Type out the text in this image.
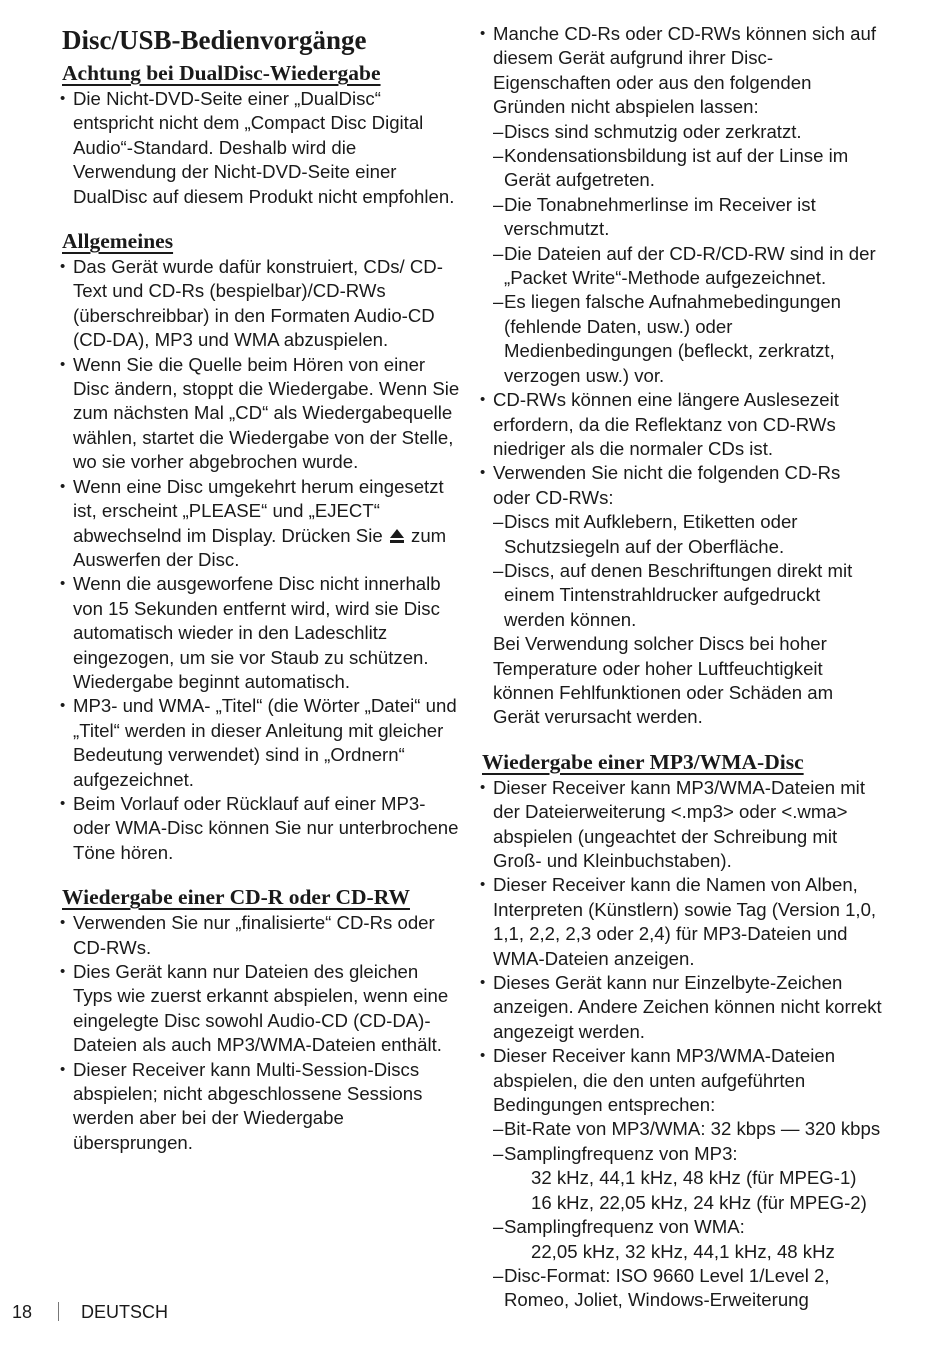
Disc/USB-Bedienvorgänge
Achtung bei DualDisc-Wiedergabe
• Die Nicht-DVD-Seite einer „DualDisc“ entspricht nicht dem „Compact Disc Digital Audio“-Standard. Deshalb wird die Verwendung der Nicht-DVD-Seite einer DualDisc auf diesem Produkt nicht empfohlen.
Allgemeines
• Das Gerät wurde dafür konstruiert, CDs/ CD-Text und CD-Rs (bespielbar)/CD-RWs (überschreibbar) in den Formaten Audio-CD (CD-DA), MP3 und WMA abzuspielen.
• Wenn Sie die Quelle beim Hören von einer Disc ändern, stoppt die Wiedergabe. Wenn Sie zum nächsten Mal „CD“ als Wiedergabequelle wählen, startet die Wiedergabe von der Stelle, wo sie vorher abgebrochen wurde.
• Wenn eine Disc umgekehrt herum eingesetzt ist, erscheint „PLEASE“ und „EJECT“ abwechselnd im Display. Drücken Sie zum Auswerfen der Disc.
• Wenn die ausgeworfene Disc nicht innerhalb von 15 Sekunden entfernt wird, wird sie Disc automatisch wieder in den Ladeschlitz eingezogen, um sie vor Staub zu schützen. Wiedergabe beginnt automatisch.
• MP3- und WMA- „Titel“ (die Wörter „Datei“ und „Titel“ werden in dieser Anleitung mit gleicher Bedeutung verwendet) sind in „Ordnern“ aufgezeichnet.
• Beim Vorlauf oder Rücklauf auf einer MP3- oder WMA-Disc können Sie nur unterbrochene Töne hören.
Wiedergabe einer CD-R oder CD-RW
• Verwenden Sie nur „finalisierte“ CD-Rs oder CD-RWs.
• Dies Gerät kann nur Dateien des gleichen Typs wie zuerst erkannt abspielen, wenn eine eingelegte Disc sowohl Audio-CD (CD-DA)-Dateien als auch MP3/WMA-Dateien enthält.
• Dieser Receiver kann Multi-Session-Discs abspielen; nicht abgeschlossene Sessions werden aber bei der Wiedergabe übersprungen.
• Manche CD-Rs oder CD-RWs können sich auf diesem Gerät aufgrund ihrer Disc-Eigenschaften oder aus den folgenden Gründen nicht abspielen lassen:
– Discs sind schmutzig oder zerkratzt.
– Kondensationsbildung ist auf der Linse im Gerät aufgetreten.
– Die Tonabnehmerlinse im Receiver ist verschmutzt.
– Die Dateien auf der CD-R/CD-RW sind in der „Packet Write“-Methode aufgezeichnet.
– Es liegen falsche Aufnahmebedingungen (fehlende Daten, usw.) oder Medienbedingungen (befleckt, zerkratzt, verzogen usw.) vor.
• CD-RWs können eine längere Auslesezeit erfordern, da die Reflektanz von CD-RWs niedriger als die normaler CDs ist.
• Verwenden Sie nicht die folgenden CD-Rs oder CD-RWs:
– Discs mit Aufklebern, Etiketten oder Schutzsiegeln auf der Oberfläche.
– Discs, auf denen Beschriftungen direkt mit einem Tintenstrahldrucker aufgedruckt werden können.
Bei Verwendung solcher Discs bei hoher Temperature oder hoher Luftfeuchtigkeit können Fehlfunktionen oder Schäden am Gerät verursacht werden.
Wiedergabe einer MP3/WMA-Disc
• Dieser Receiver kann MP3/WMA-Dateien mit der Dateierweiterung <.mp3> oder <.wma> abspielen (ungeachtet der Schreibung mit Groß- und Kleinbuchstaben).
• Dieser Receiver kann die Namen von Alben, Interpreten (Künstlern) sowie Tag (Version 1,0, 1,1, 2,2, 2,3 oder 2,4) für MP3-Dateien und WMA-Dateien anzeigen.
• Dieses Gerät kann nur Einzelbyte-Zeichen anzeigen. Andere Zeichen können nicht korrekt angezeigt werden.
• Dieser Receiver kann MP3/WMA-Dateien abspielen, die den unten aufgeführten Bedingungen entsprechen:
– Bit-Rate von MP3/WMA: 32 kbps — 320 kbps
– Samplingfrequenz von MP3:
32 kHz, 44,1 kHz, 48 kHz (für MPEG-1)
16 kHz, 22,05 kHz, 24 kHz (für MPEG-2)
– Samplingfrequenz von WMA:
22,05 kHz, 32 kHz, 44,1 kHz, 48 kHz
– Disc-Format: ISO 9660 Level 1/Level 2, Romeo, Joliet, Windows-Erweiterung
18	DEUTSCH
